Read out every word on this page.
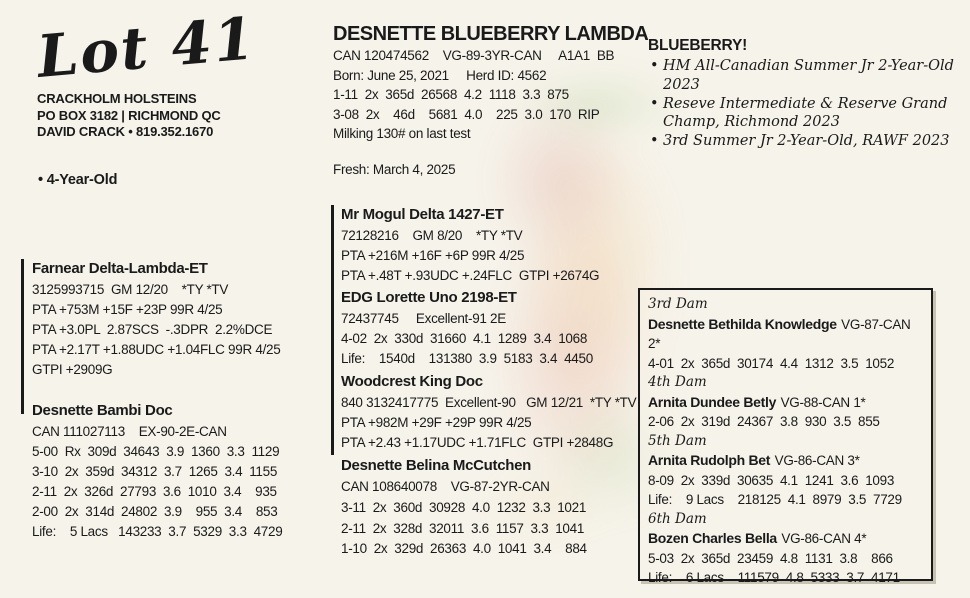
Lot 41
CRACKHOLM HOLSTEINS
PO BOX 3182 | RICHMOND QC
DAVID CRACK • 819.352.1670
• 4-Year-Old
Farnear Delta-Lambda-ET
3125993715  GM 12/20    *TY *TV
PTA +753M +15F +23P 99R 4/25
PTA +3.0PL  2.87SCS  -.3DPR  2.2%DCE
PTA +2.17T +1.88UDC +1.04FLC 99R 4/25
GTPI +2909G
Desnette Bambi Doc
CAN 111027113    EX-90-2E-CAN
5-00  Rx  309d  34643  3.9  1360  3.3  1129
3-10  2x  359d  34312  3.7  1265  3.4  1155
2-11  2x  326d  27793  3.6  1010  3.4    935
2-00  2x  314d  24802  3.9    955  3.4    853
Life:    5 Lacs   143233  3.7  5329  3.3  4729
DESNETTE BLUEBERRY LAMBDA
CAN 120474562    VG-89-3YR-CAN     A1A1  BB
Born: June 25, 2021     Herd ID: 4562
1-11  2x  365d  26568  4.2  1118  3.3  875
3-08  2x    46d    5681  4.0    225  3.0  170  RIP
Milking 130# on last test
Fresh: March 4, 2025
Mr Mogul Delta 1427-ET
72128216    GM 8/20    *TY *TV
PTA +216M +16F +6P 99R 4/25
PTA +.48T +.93UDC +.24FLC  GTPI +2674G
EDG Lorette Uno 2198-ET
72437745     Excellent-91 2E
4-02  2x  330d  31660  4.1  1289  3.4  1068
Life:    1540d    131380  3.9  5183  3.4  4450
Woodcrest King Doc
840 3132417775  Excellent-90   GM 12/21  *TY *TV
PTA +982M +29F +29P 99R 4/25
PTA +2.43 +1.17UDC +1.71FLC  GTPI +2848G
Desnette Belina McCutchen
CAN 108640078    VG-87-2YR-CAN
3-11  2x  360d  30928  4.0  1232  3.3  1021
2-11  2x  328d  32011  3.6  1157  3.3  1041
1-10  2x  329d  26363  4.0  1041  3.4    884
BLUEBERRY!
• HM All-Canadian Summer Jr 2-Year-Old 2023
• Reseve Intermediate & Reserve Grand Champ, Richmond 2023
• 3rd Summer Jr 2-Year-Old, RAWF 2023
3rd Dam
Desnette Bethilda Knowledge VG-87-CAN 2*
4-01  2x  365d  30174  4.4  1312  3.5  1052
4th Dam
Arnita Dundee Betly VG-88-CAN 1*
2-06  2x  319d  24367  3.8  930  3.5  855
5th Dam
Arnita Rudolph Bet VG-86-CAN 3*
8-09  2x  339d  30635  4.1  1241  3.6  1093
Life:    9 Lacs    218125  4.1  8979  3.5  7729
6th Dam
Bozen Charles Bella VG-86-CAN 4*
5-03  2x  365d  23459  4.8  1131  3.8    866
Life:    6 Lacs    111579  4.8  5333  3.7  4171
